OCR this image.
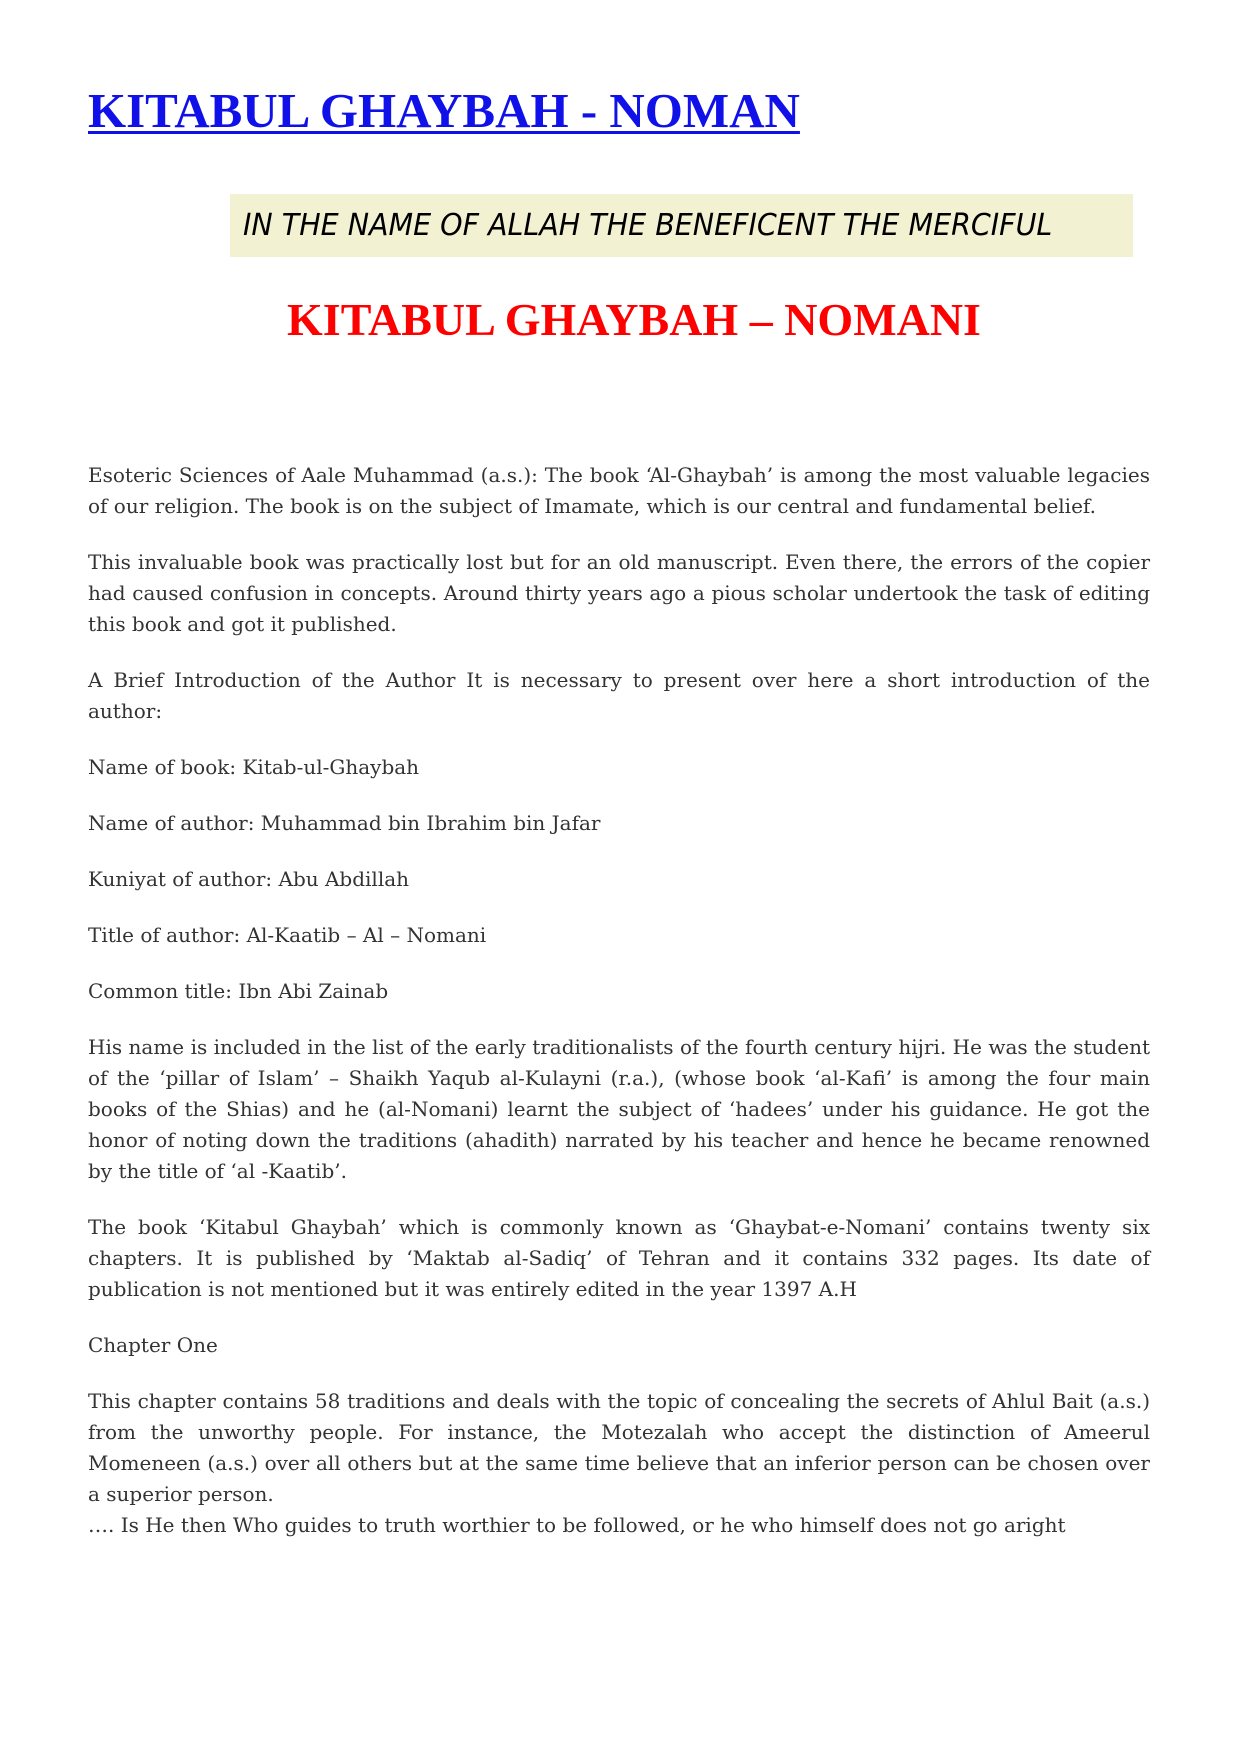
KITABUL GHAYBAH - NOMAN
IN THE NAME OF ALLAH THE BENEFICENT THE MERCIFUL
KITABUL GHAYBAH – NOMANI

Esoteric Sciences of Aale Muhammad (a.s.): The book ‘Al-Ghaybah’ is among the most valuable legacies of our religion. The book is on the subject of Imamate, which is our central and fundamental belief.

This invaluable book was practically lost but for an old manuscript. Even there, the errors of the copier had caused confusion in concepts. Around thirty years ago a pious scholar undertook the task of editing this book and got it published.

A Brief Introduction of the Author It is necessary to present over here a short introduction of the author:

Name of book: Kitab-ul-Ghaybah

Name of author: Muhammad bin Ibrahim bin Jafar

Kuniyat of author: Abu Abdillah

Title of author: Al-Kaatib – Al – Nomani

Common title: Ibn Abi Zainab

His name is included in the list of the early traditionalists of the fourth century hijri. He was the student of the ‘pillar of Islam’ – Shaikh Yaqub al-Kulayni (r.a.), (whose book ‘al-Kafi’ is among the four main books of the Shias) and he (al-Nomani) learnt the subject of ‘hadees’ under his guidance. He got the honor of noting down the traditions (ahadith) narrated by his teacher and hence he became renowned by the title of ‘al -Kaatib’.

The book ‘Kitabul Ghaybah’ which is commonly known as ‘Ghaybat-e-Nomani’ contains twenty six chapters. It is published by ‘Maktab al-Sadiq’ of Tehran and it contains 332 pages. Its date of publication is not mentioned but it was entirely edited in the year 1397 A.H

Chapter One

This chapter contains 58 traditions and deals with the topic of concealing the secrets of Ahlul Bait (a.s.) from the unworthy people. For instance, the Motezalah who accept the distinction of Ameerul Momeneen (a.s.) over all others but at the same time believe that an inferior person can be chosen over a superior person.

…. Is He then Who guides to truth worthier to be followed, or he who himself does not go aright
